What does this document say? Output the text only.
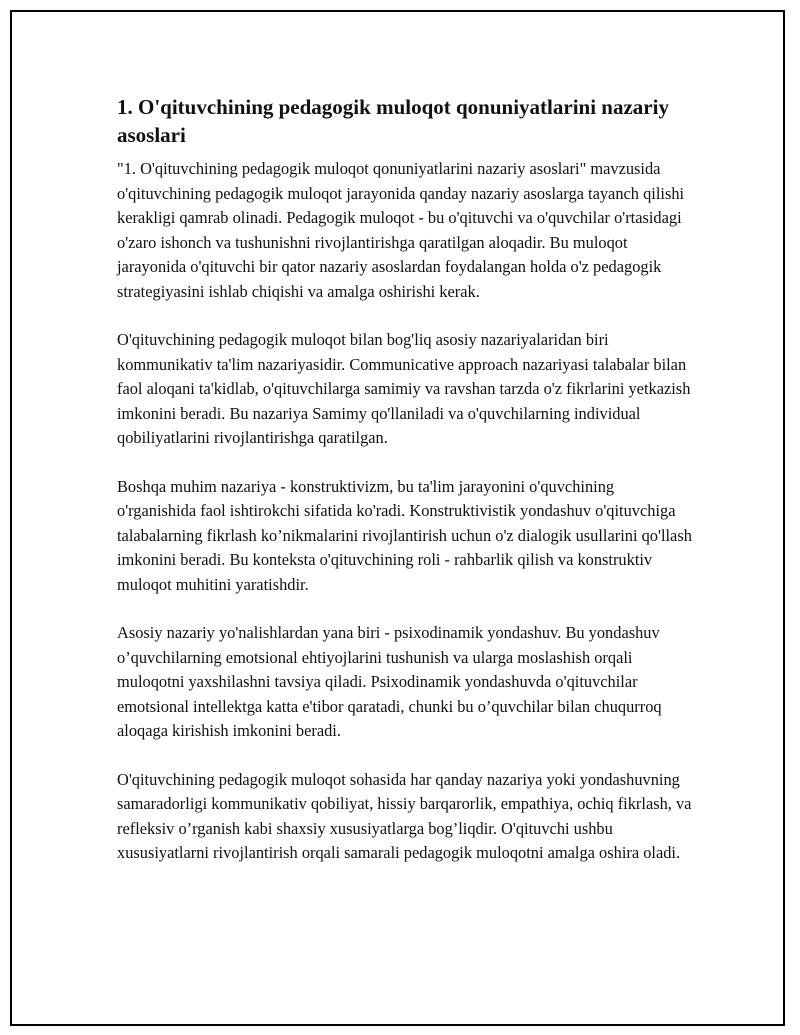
1. O'qituvchining pedagogik muloqot qonuniyatlarini nazariy asoslari

"1. O'qituvchining pedagogik muloqot qonuniyatlarini nazariy asoslari" mavzusida o'qituvchining pedagogik muloqot jarayonida qanday nazariy asoslarga tayanch qilishi kerakligi qamrab olinadi. Pedagogik muloqot - bu o'qituvchi va o'quvchilar o'rtasidagi o'zaro ishonch va tushunishni rivojlantirishga qaratilgan aloqadir. Bu muloqot jarayonida o'qituvchi bir qator nazariy asoslardan foydalangan holda o'z pedagogik strategiyasini ishlab chiqishi va amalga oshirishi kerak.

O'qituvchining pedagogik muloqot bilan bog'liq asosiy nazariyalaridan biri kommunikativ ta'lim nazariyasidir. Communicative approach nazariyasi talabalar bilan faol aloqani ta'kidlab, o'qituvchilarga samimiy va ravshan tarzda o'z fikrlarini yetkazish imkonini beradi. Bu nazariya Samimy qo'llaniladi va o'quvchilarning individual qobiliyatlarini rivojlantirishga qaratilgan.

Boshqa muhim nazariya - konstruktivizm, bu ta'lim jarayonini o'quvchining o'rganishida faol ishtirokchi sifatida ko'radi. Konstruktivistik yondashuv o'qituvchiga talabalarning fikrlash ko’nikmalarini rivojlantirish uchun o'z dialogik usullarini qo'llash imkonini beradi. Bu konteksta o'qituvchining roli - rahbarlik qilish va konstruktiv muloqot muhitini yaratishdir.

Asosiy nazariy yo'nalishlardan yana biri - psixodinamik yondashuv. Bu yondashuv o’quvchilarning emotsional ehtiyojlarini tushunish va ularga moslashish orqali muloqotni yaxshilashni tavsiya qiladi. Psixodinamik yondashuvda o'qituvchilar emotsional intellektga katta e'tibor qaratadi, chunki bu o’quvchilar bilan chuqurroq aloqaga kirishish imkonini beradi.

O'qituvchining pedagogik muloqot sohasida har qanday nazariya yoki yondashuvning samaradorligi kommunikativ qobiliyat, hissiy barqarorlik, empathiya, ochiq fikrlash, va refleksiv o’rganish kabi shaxsiy xususiyatlarga bog’liqdir. O'qituvchi ushbu xususiyatlarni rivojlantirish orqali samarali pedagogik muloqotni amalga oshira oladi.
